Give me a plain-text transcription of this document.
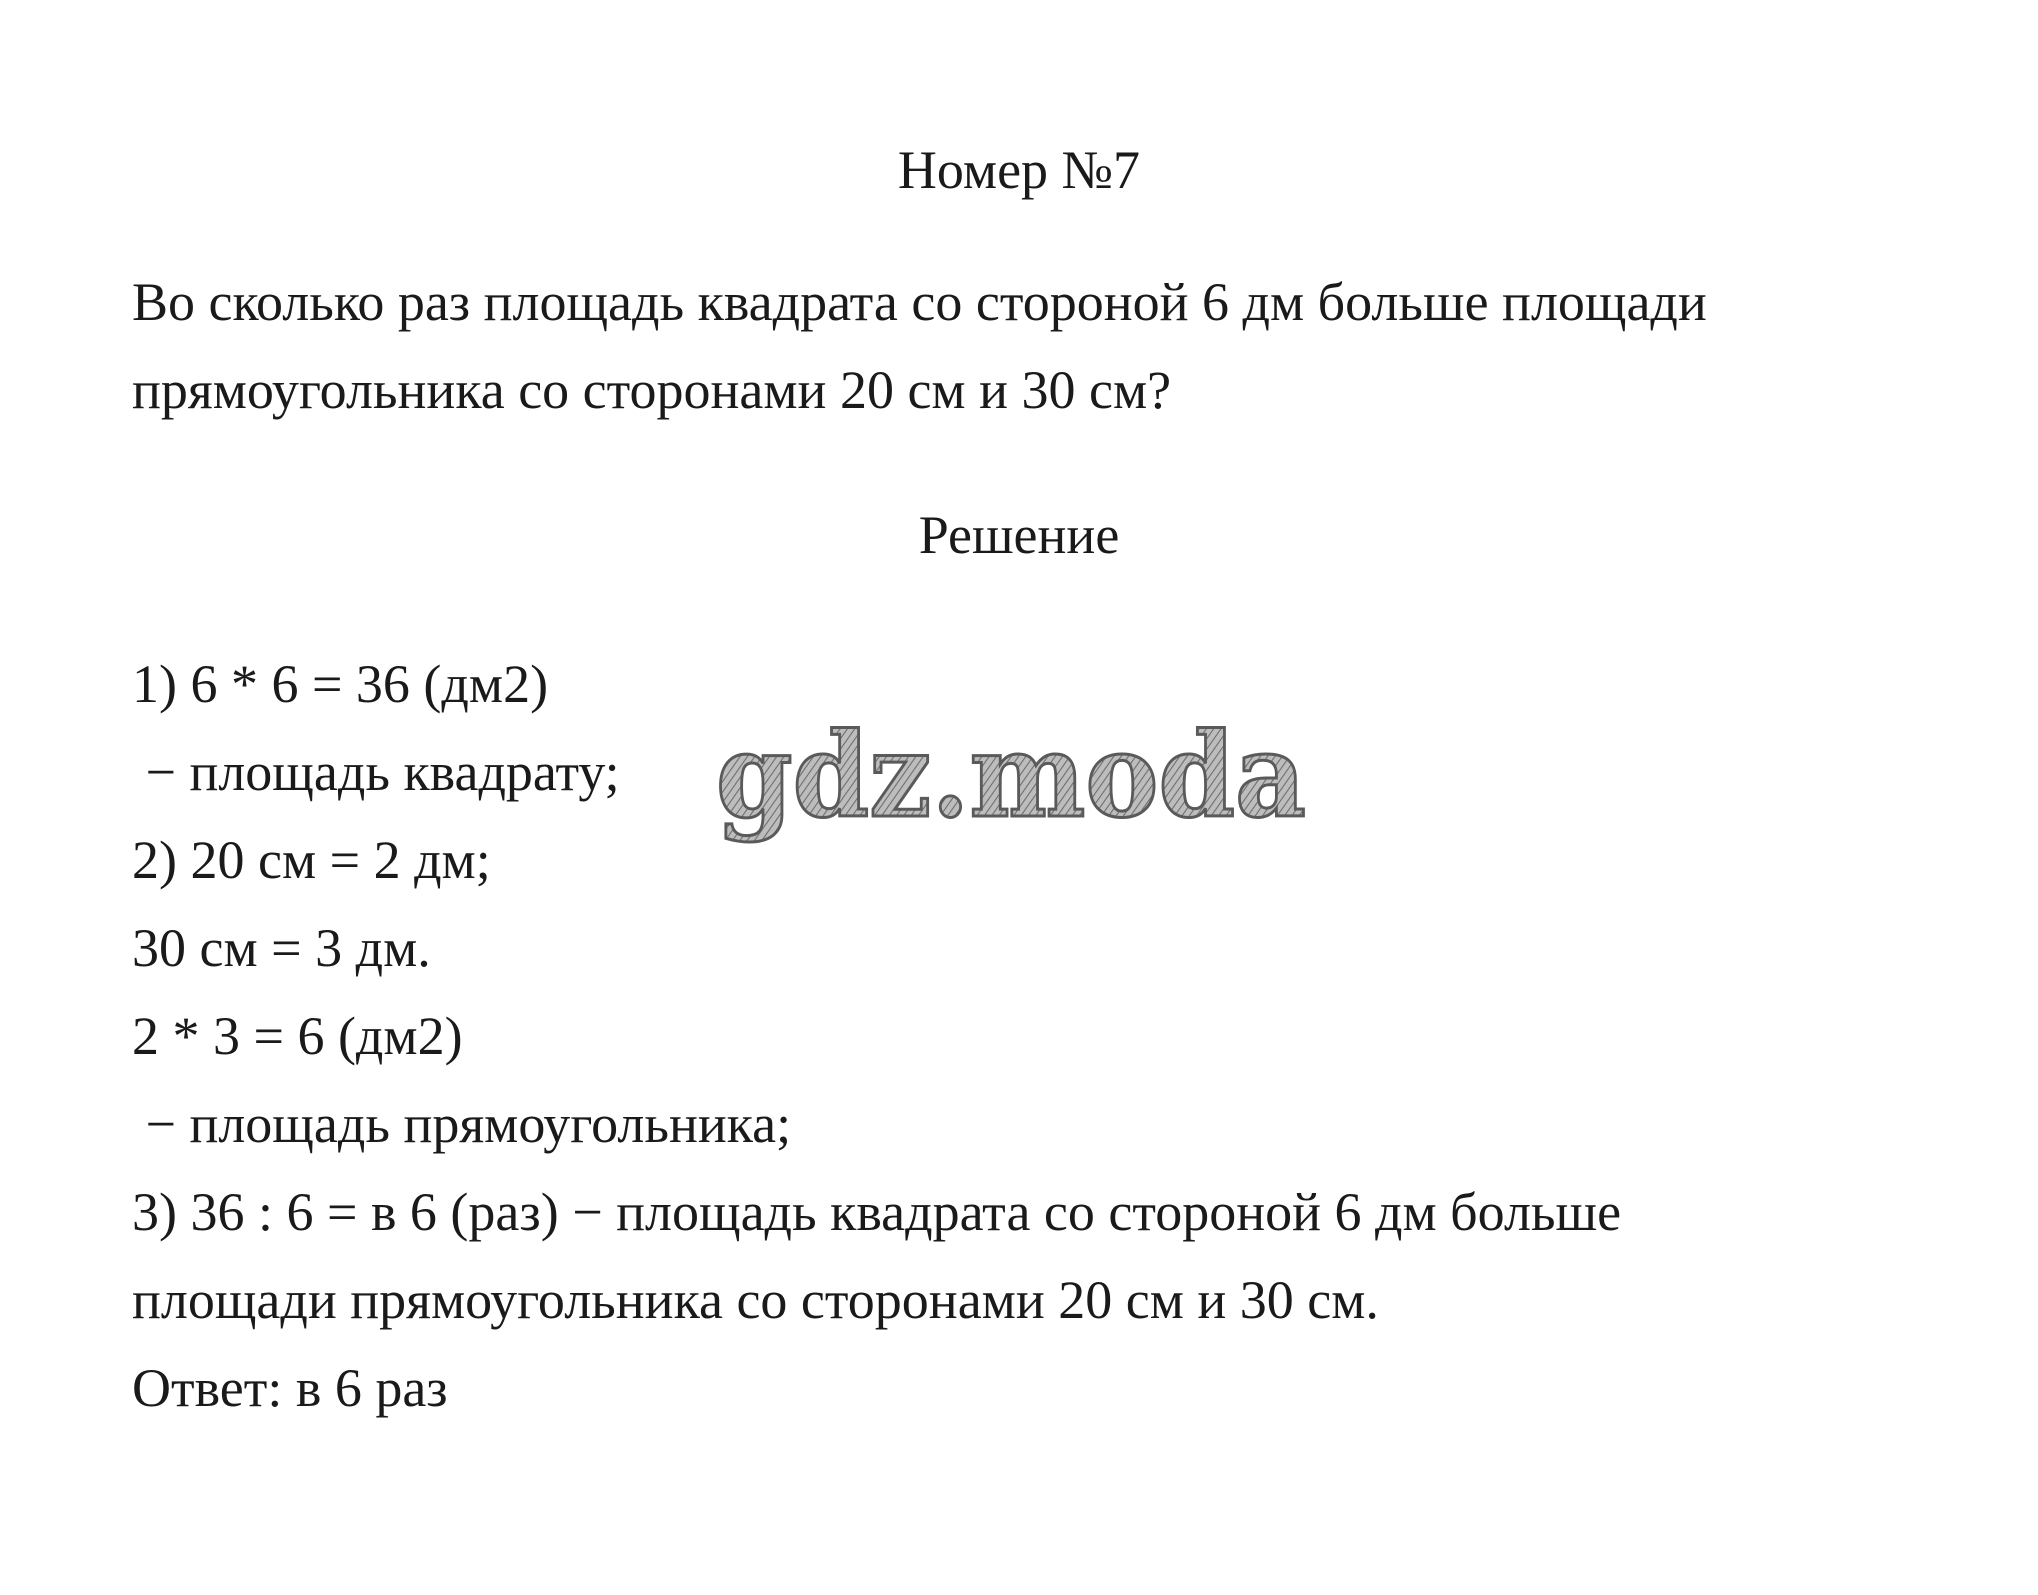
Номер №7
Во сколько раз площадь квадрата со стороной 6 дм больше площади
прямоугольника со сторонами 20 см и 30 см?
Решение
1) 6 * 6 = 36 (дм2)
− площадь квадрату;
2) 20 см = 2 дм;
30 см = 3 дм.
2 * 3 = 6 (дм2)
− площадь прямоугольника;
3) 36 : 6 = в 6 (раз) − площадь квадрата со стороной 6 дм больше
площади прямоугольника со сторонами 20 см и 30 см.
Ответ: в 6 раз
gdz.moda
